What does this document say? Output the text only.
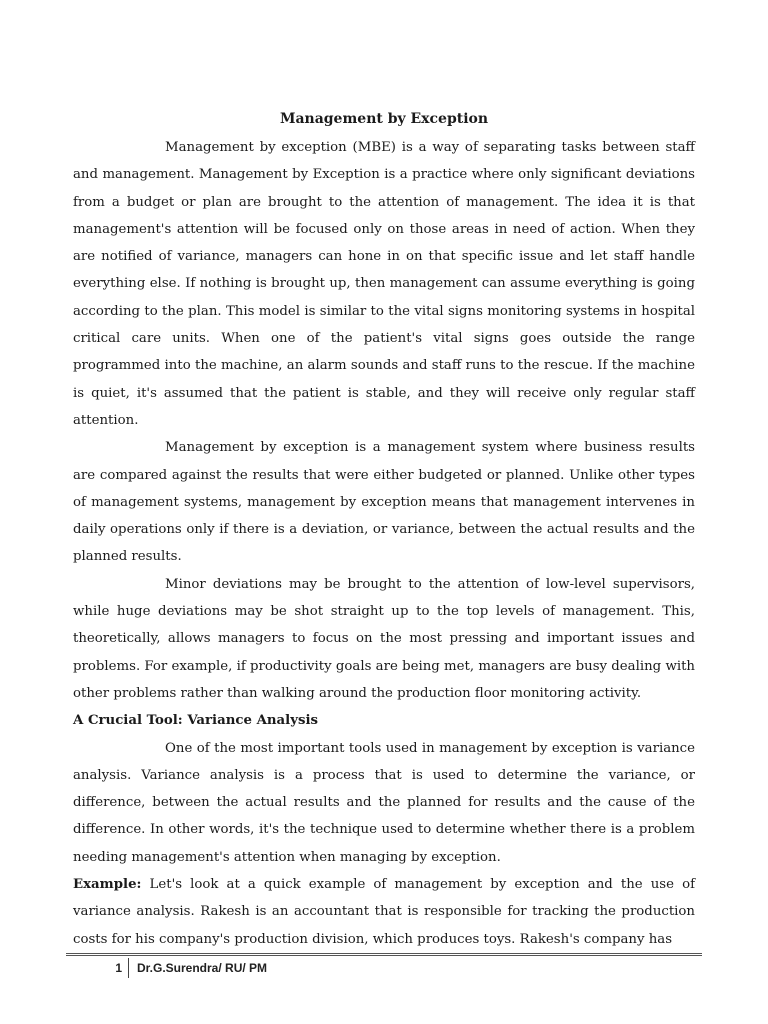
Management by Exception

Management by exception (MBE) is a way of separating tasks between staff and management. Management by Exception is a practice where only significant deviations from a budget or plan are brought to the attention of management. The idea it is that management's attention will be focused only on those areas in need of action. When they are notified of variance, managers can hone in on that specific issue and let staff handle everything else. If nothing is brought up, then management can assume everything is going according to the plan. This model is similar to the vital signs monitoring systems in hospital critical care units. When one of the patient's vital signs goes outside the range programmed into the machine, an alarm sounds and staff runs to the rescue. If the machine is quiet, it's assumed that the patient is stable, and they will receive only regular staff attention.

Management by exception is a management system where business results are compared against the results that were either budgeted or planned. Unlike other types of management systems, management by exception means that management intervenes in daily operations only if there is a deviation, or variance, between the actual results and the planned results.

Minor deviations may be brought to the attention of low-level supervisors, while huge deviations may be shot straight up to the top levels of management. This, theoretically, allows managers to focus on the most pressing and important issues and problems. For example, if productivity goals are being met, managers are busy dealing with other problems rather than walking around the production floor monitoring activity.

A Crucial Tool: Variance Analysis

One of the most important tools used in management by exception is variance analysis. Variance analysis is a process that is used to determine the variance, or difference, between the actual results and the planned for results and the cause of the difference. In other words, it's the technique used to determine whether there is a problem needing management's attention when managing by exception.

Example: Let's look at a quick example of management by exception and the use of variance analysis. Rakesh is an accountant that is responsible for tracking the production costs for his company's production division, which produces toys. Rakesh's company has

1	Dr.G.Surendra/ RU/ PM
